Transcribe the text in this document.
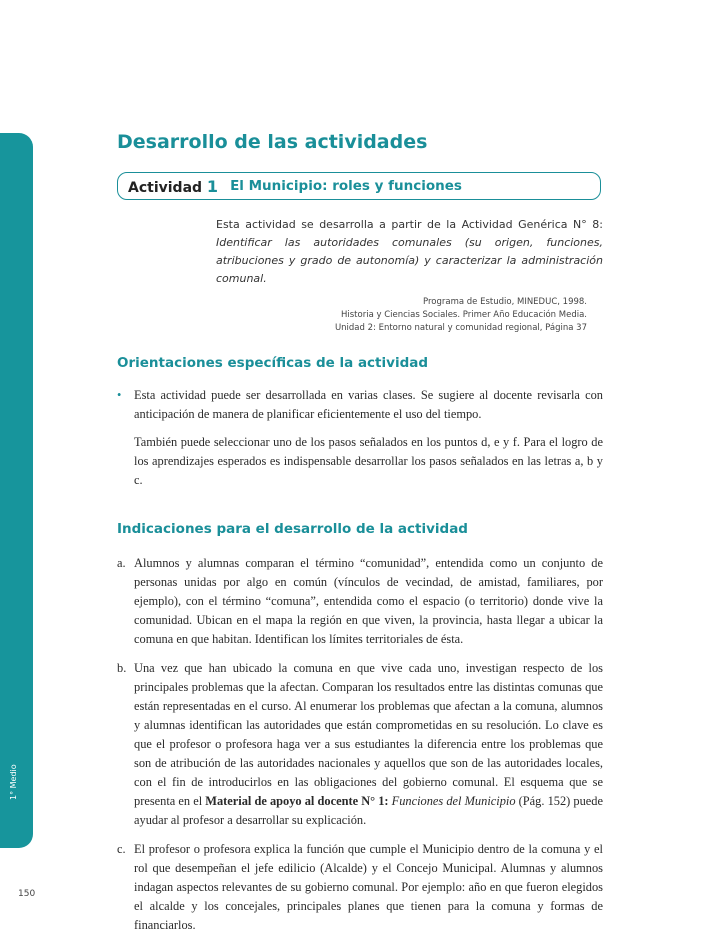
1° Medio
150
Desarrollo de las actividades
Actividad 1 El Municipio: roles y funciones
Esta actividad se desarrolla a partir de la Actividad Genérica N° 8: Identificar las autoridades comunales (su origen, funciones, atribuciones y grado de autonomía) y caracterizar la administración comunal.
Programa de Estudio, MINEDUC, 1998.
Historia y Ciencias Sociales. Primer Año Educación Media.
Unidad 2: Entorno natural y comunidad regional, Página 37
Orientaciones específicas de la actividad
•	Esta actividad puede ser desarrollada en varias clases. Se sugiere al docente revisarla con anticipación de manera de planificar eficientemente el uso del tiempo.
También puede seleccionar uno de los pasos señalados en los puntos d, e y f. Para el logro de los aprendizajes esperados es indispensable desarrollar los pasos señalados en las letras a, b y c.
Indicaciones para el desarrollo de la actividad
a. Alumnos y alumnas comparan el término “comunidad”, entendida como un conjunto de personas unidas por algo en común (vínculos de vecindad, de amistad, familiares, por ejemplo), con el término “comuna”, entendida como el espacio (o territorio) donde vive la comunidad. Ubican en el mapa la región en que viven, la provincia, hasta llegar a ubicar la comuna en que habitan. Identifican los límites territoriales de ésta.
b. Una vez que han ubicado la comuna en que vive cada uno, investigan respecto de los principales problemas que la afectan. Comparan los resultados entre las distintas comunas que están representadas en el curso. Al enumerar los problemas que afectan a la comuna, alumnos y alumnas identifican las autoridades que están comprometidas en su resolución. Lo clave es que el profesor o profesora haga ver a sus estudiantes la diferencia entre los problemas que son de atribución de las autoridades nacionales y aquellos que son de las autoridades locales, con el fin de introducirlos en las obligaciones del gobierno comunal. El esquema que se presenta en el Material de apoyo al docente N° 1: Funciones del Municipio (Pág. 152) puede ayudar al profesor a desarrollar su explicación.
c. El profesor o profesora explica la función que cumple el Municipio dentro de la comuna y el rol que desempeñan el jefe edilicio (Alcalde) y el Concejo Municipal. Alumnas y alumnos indagan aspectos relevantes de su gobierno comunal. Por ejemplo: año en que fueron elegidos el alcalde y los concejales, principales planes que tienen para la comuna y formas de financiarlos.
